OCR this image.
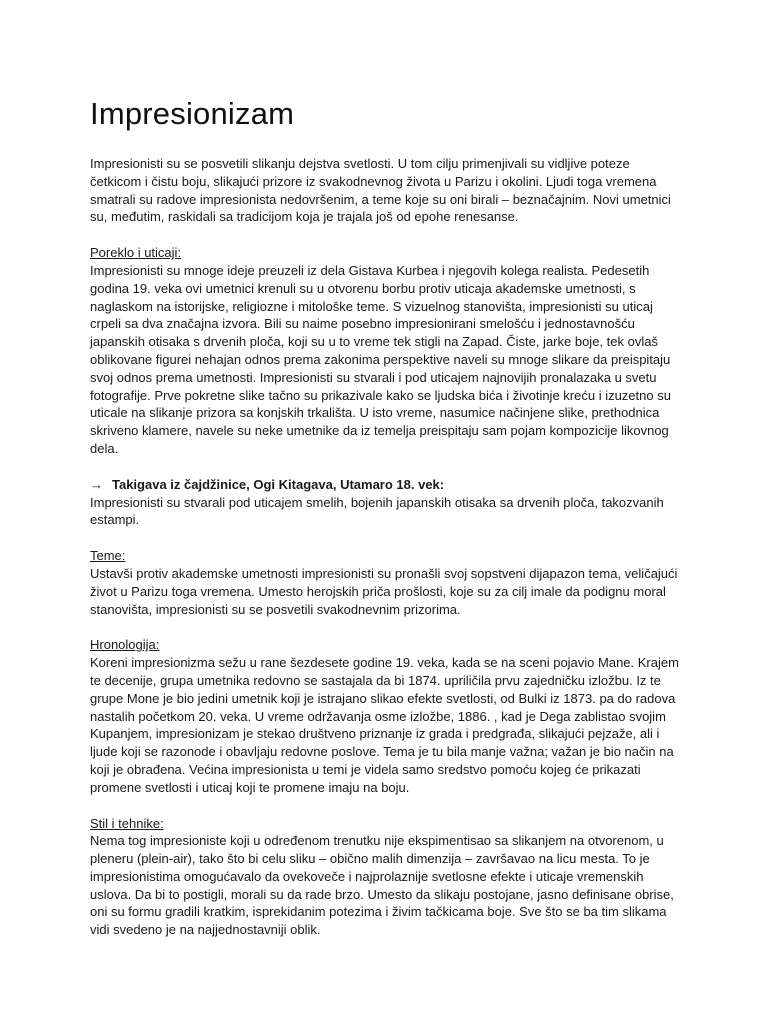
Impresionizam

Impresionisti su se posvetili slikanju dejstva svetlosti. U tom cilju primenjivali su vidljive poteze četkicom i čistu boju, slikajući prizore iz svakodnevnog života u Parizu i okolini. Ljudi toga vremena smatrali su radove impresionista nedovršenim, a teme koje su oni birali – beznačajnim. Novi umetnici su, međutim, raskidali sa tradicijom koja je trajala još od epohe renesanse.

Poreklo i uticaji:

Impresionisti su mnoge ideje preuzeli iz dela Gistava Kurbea i njegovih kolega realista. Pedesetih godina 19. veka ovi umetnici krenuli su u otvorenu borbu protiv uticaja akademske umetnosti, s naglaskom na istorijske, religiozne i mitološke teme. S vizuelnog stanovišta, impresionisti su uticaj crpeli sa dva značajna izvora. Bili su naime posebno impresionirani smelošću i jednostavnošću japanskih otisaka s drvenih ploča, koji su u to vreme tek stigli na Zapad. Čiste, jarke boje, tek ovlaš oblikovane figurei nehajan odnos prema zakonima perspektive naveli su mnoge slikare da preispitaju svoj odnos prema umetnosti. Impresionisti su stvarali i pod uticajem najnovijih pronalazaka u svetu fotografije. Prve pokretne slike tačno su prikazivale kako se ljudska bića i životinje kreću i izuzetno su uticale na slikanje prizora sa konjskih trkališta. U isto vreme, nasumice načinjene slike, prethodnica skriveno klamere, navele su neke umetnike da iz temelja preispitaju sam pojam kompozicije likovnog dela.

→ Takigava iz čajdžinice, Ogi Kitagava, Utamaro 18. vek:

Impresionisti su stvarali pod uticajem smelih, bojenih japanskih otisaka sa drvenih ploča, takozvanih estampi.

Teme:

Ustavši protiv akademske umetnosti impresionisti su pronašli svoj sopstveni dijapazon tema, veličajući život u Parizu toga vremena. Umesto herojskih priča prošlosti, koje su za cilj imale da podignu moral stanovišta, impresionisti su se posvetili svakodnevnim prizorima.

Hronologija:

Koreni impresionizma sežu u rane šezdesete godine 19. veka, kada se na sceni pojavio Mane. Krajem te decenije, grupa umetnika redovno se sastajala da bi 1874. upriličila prvu zajedničku izložbu. Iz te grupe Mone je bio jedini umetnik koji je istrajano slikao efekte svetlosti, od Bulki iz 1873. pa do radova nastalih početkom 20. veka. U vreme održavanja osme izložbe, 1886. , kad je Dega zablistao svojim Kupanjem, impresionizam je stekao društveno priznanje iz grada i predgrađa, slikajući pejzaže, ali i ljude koji se razonode i obavljaju redovne poslove. Tema je tu bila manje važna; važan je bio način na koji je obrađena. Većina impresionista u temi je videla samo sredstvo pomoću kojeg će prikazati promene svetlosti i uticaj koji te promene imaju na boju.

Stil i tehnike:

Nema tog impresioniste koji u određenom trenutku nije ekspimentisao sa slikanjem na otvorenom, u pleneru (plein-air), tako što bi celu sliku – obično malih dimenzija – završavao na licu mesta. To je impresionistima omogućavalo da ovekoveče i najprolaznije svetlosne efekte i uticaje vremenskih uslova. Da bi to postigli, morali su da rade brzo. Umesto da slikaju postojane, jasno definisane obrise, oni su formu gradili kratkim, isprekidanim potezima i živim tačkicama boje. Sve što se ba tim slikama vidi svedeno je na najjednostavniji oblik.
